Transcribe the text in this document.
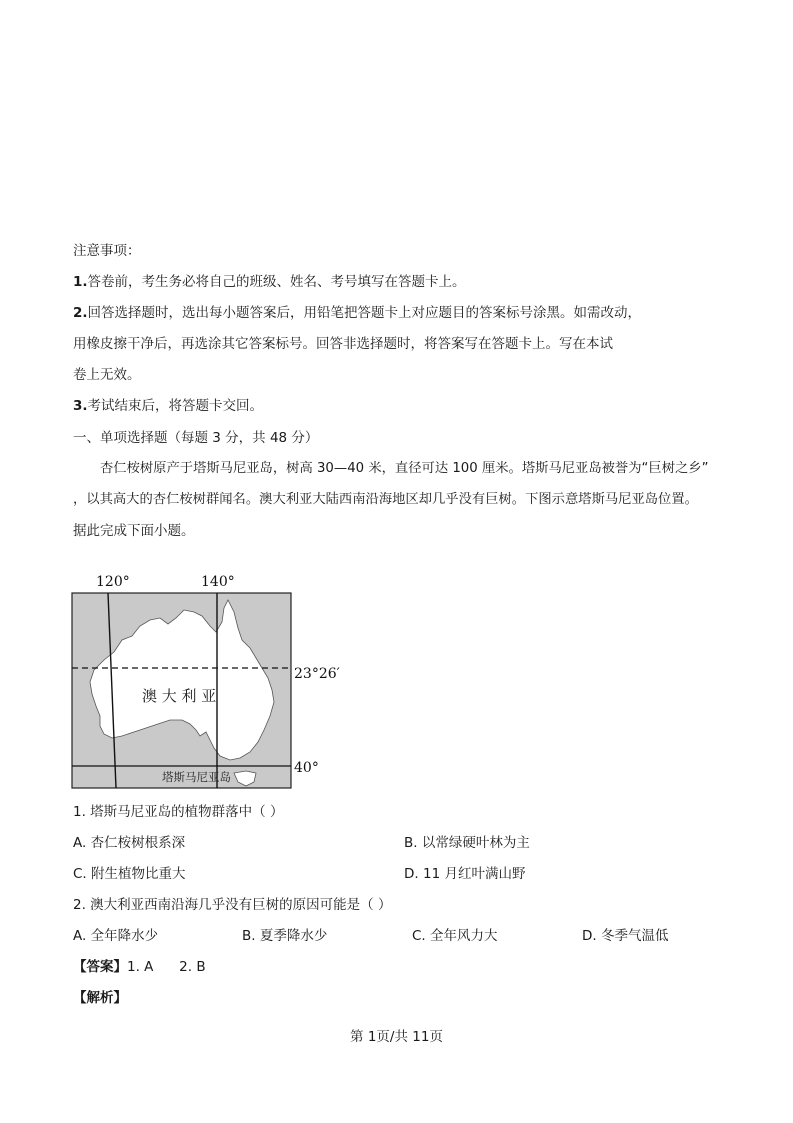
注意事项：
1.答卷前，考生务必将自己的班级、姓名、考号填写在答题卡上。
2.回答选择题时，选出每小题答案后，用铅笔把答题卡上对应题目的答案标号涂黑。如需改动，
用橡皮擦干净后，再选涂其它答案标号。回答非选择题时，将答案写在答题卡上。写在本试
卷上无效。
3.考试结束后，将答题卡交回。
一、单项选择题（每题 3 分，共 48 分）
杏仁桉树原产于塔斯马尼亚岛，树高 30—40 米，直径可达 100 厘米。塔斯马尼亚岛被誉为“巨树之乡”
，以其高大的杏仁桉树群闻名。澳大利亚大陆西南沿海地区却几乎没有巨树。下图示意塔斯马尼亚岛位置。
据此完成下面小题。
120°	140°
23°26′
40°
澳 大 利 亚
塔斯马尼亚岛
1. 塔斯马尼亚岛的植物群落中（ ）
A. 杏仁桉树根系深	B. 以常绿硬叶林为主
C. 附生植物比重大	D. 11 月红叶满山野
2. 澳大利亚西南沿海几乎没有巨树的原因可能是（ ）
A. 全年降水少	B. 夏季降水少	C. 全年风力大	D. 冬季气温低
【答案】1. A      2. B
【解析】
第 1页/共 11页
